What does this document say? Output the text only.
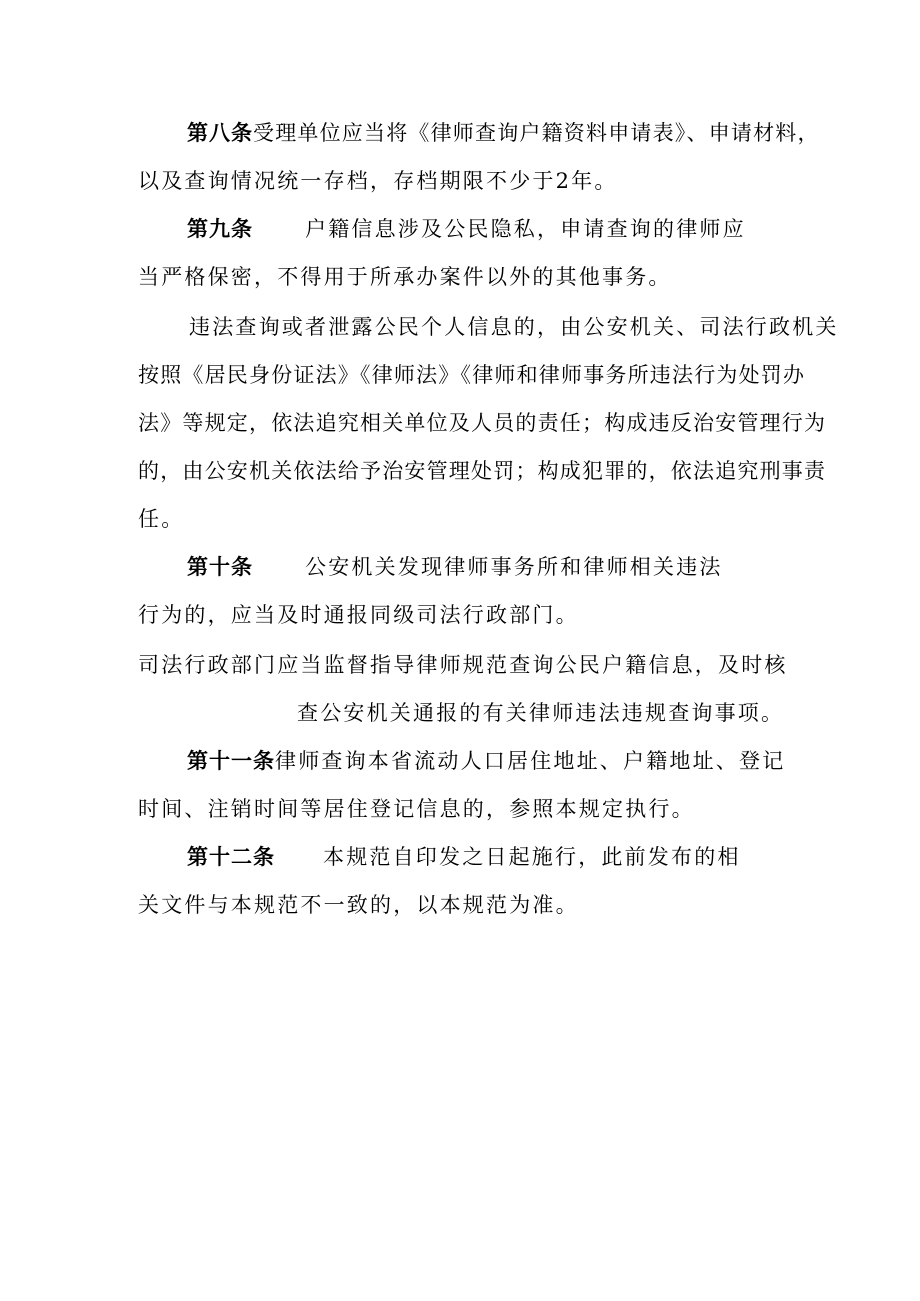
第八条受理单位应当将《律师查询户籍资料申请表》、申请材料，
以及查询情况统一存档，存档期限不少于2年。
第九条 户籍信息涉及公民隐私，申请查询的律师应
当严格保密，不得用于所承办案件以外的其他事务。
违法查询或者泄露公民个人信息的，由公安机关、司法行政机关
按照《居民身份证法》《律师法》《律师和律师事务所违法行为处罚办
法》等规定，依法追究相关单位及人员的责任；构成违反治安管理行为
的，由公安机关依法给予治安管理处罚；构成犯罪的，依法追究刑事责
任。
第十条 公安机关发现律师事务所和律师相关违法
行为的，应当及时通报同级司法行政部门。
司法行政部门应当监督指导律师规范查询公民户籍信息，及时核
查公安机关通报的有关律师违法违规查询事项。
第十一条律师查询本省流动人口居住地址、户籍地址、登记
时间、注销时间等居住登记信息的，参照本规定执行。
第十二条 本规范自印发之日起施行，此前发布的相
关文件与本规范不一致的，以本规范为准。
